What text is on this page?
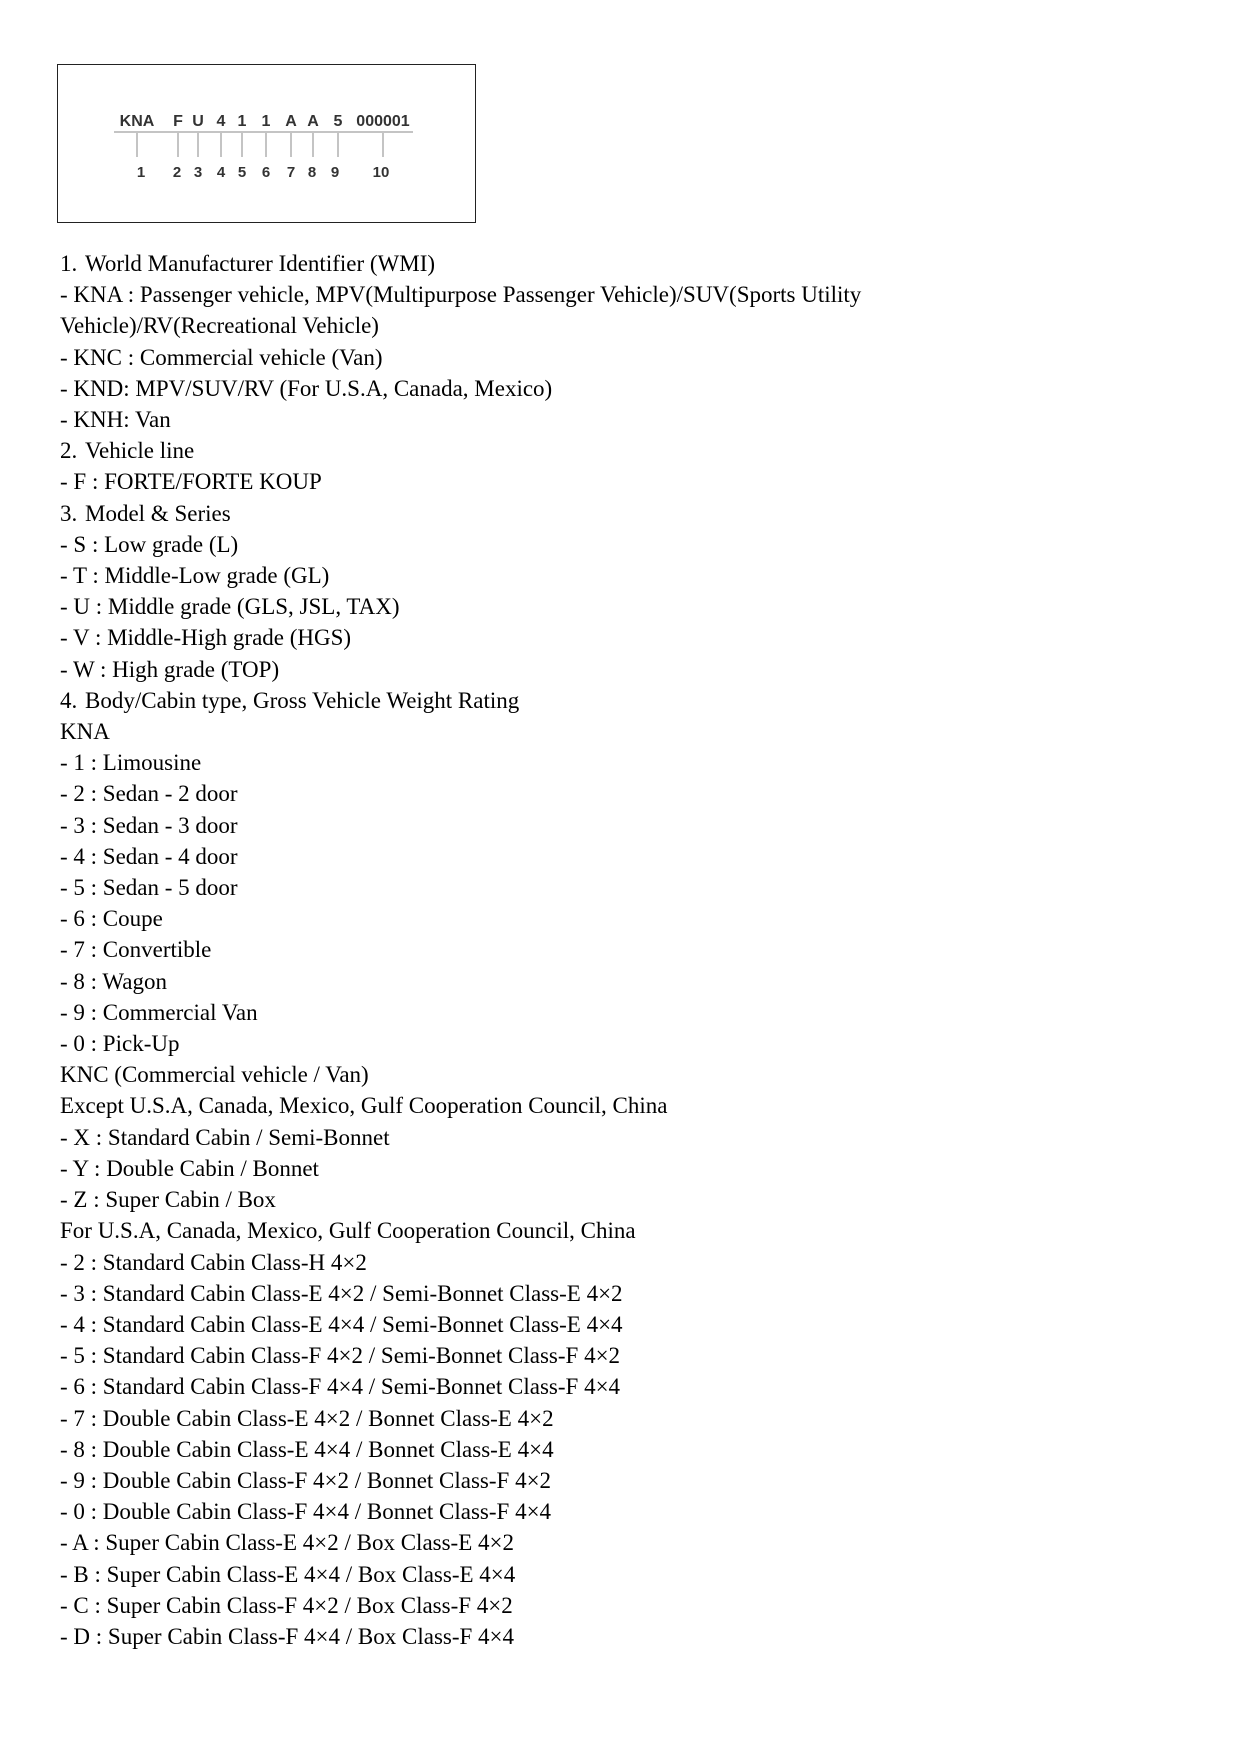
KNA F U 4 1 1 A A 5 000001
1 2 3 4 5 6 7 8 9 10
1. World Manufacturer Identifier (WMI)
- KNA : Passenger vehicle, MPV(Multipurpose Passenger Vehicle)/SUV(Sports Utility
Vehicle)/RV(Recreational Vehicle)
- KNC : Commercial vehicle (Van)
- KND: MPV/SUV/RV (For U.S.A, Canada, Mexico)
- KNH: Van
2. Vehicle line
- F : FORTE/FORTE KOUP
3. Model & Series
- S : Low grade (L)
- T : Middle-Low grade (GL)
- U : Middle grade (GLS, JSL, TAX)
- V : Middle-High grade (HGS)
- W : High grade (TOP)
4. Body/Cabin type, Gross Vehicle Weight Rating
KNA
- 1 : Limousine
- 2 : Sedan - 2 door
- 3 : Sedan - 3 door
- 4 : Sedan - 4 door
- 5 : Sedan - 5 door
- 6 : Coupe
- 7 : Convertible
- 8 : Wagon
- 9 : Commercial Van
- 0 : Pick-Up
KNC (Commercial vehicle / Van)
Except U.S.A, Canada, Mexico, Gulf Cooperation Council, China
- X : Standard Cabin / Semi-Bonnet
- Y : Double Cabin / Bonnet
- Z : Super Cabin / Box
For U.S.A, Canada, Mexico, Gulf Cooperation Council, China
- 2 : Standard Cabin Class-H 4×2
- 3 : Standard Cabin Class-E 4×2 / Semi-Bonnet Class-E 4×2
- 4 : Standard Cabin Class-E 4×4 / Semi-Bonnet Class-E 4×4
- 5 : Standard Cabin Class-F 4×2 / Semi-Bonnet Class-F 4×2
- 6 : Standard Cabin Class-F 4×4 / Semi-Bonnet Class-F 4×4
- 7 : Double Cabin Class-E 4×2 / Bonnet Class-E 4×2
- 8 : Double Cabin Class-E 4×4 / Bonnet Class-E 4×4
- 9 : Double Cabin Class-F 4×2 / Bonnet Class-F 4×2
- 0 : Double Cabin Class-F 4×4 / Bonnet Class-F 4×4
- A : Super Cabin Class-E 4×2 / Box Class-E 4×2
- B : Super Cabin Class-E 4×4 / Box Class-E 4×4
- C : Super Cabin Class-F 4×2 / Box Class-F 4×2
- D : Super Cabin Class-F 4×4 / Box Class-F 4×4
